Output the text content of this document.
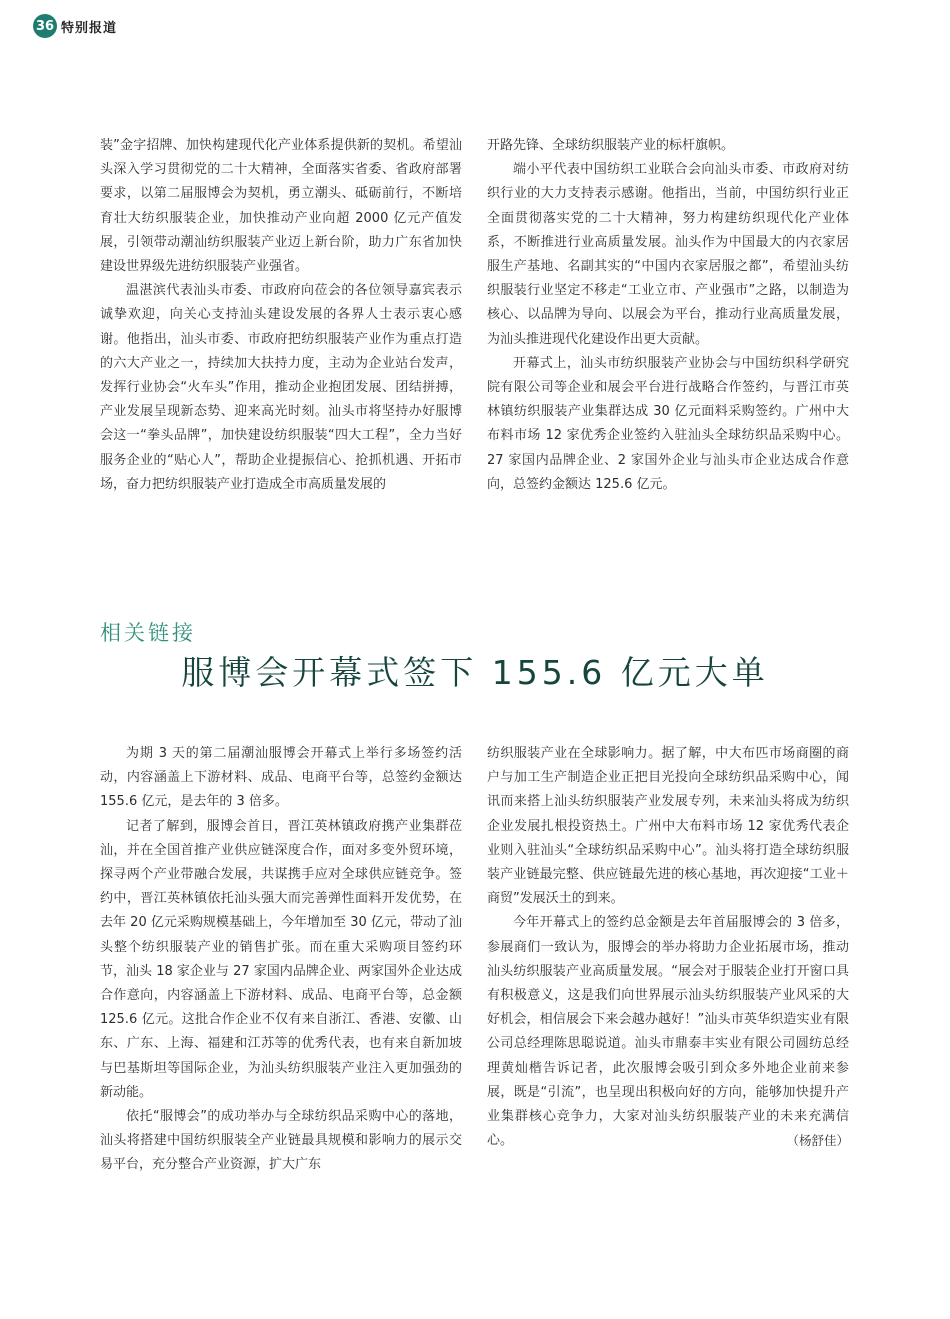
36 特别报道

装”金字招牌、加快构建现代化产业体系提供新的契机。希望汕头深入学习贯彻党的二十大精神，全面落实省委、省政府部署要求，以第二届服博会为契机，勇立潮头、砥砺前行，不断培育壮大纺织服装企业，加快推动产业向超 2000 亿元产值发展，引领带动潮汕纺织服装产业迈上新台阶，助力广东省加快建设世界级先进纺织服装产业强省。

温湛滨代表汕头市委、市政府向莅会的各位领导嘉宾表示诚挚欢迎，向关心支持汕头建设发展的各界人士表示衷心感谢。他指出，汕头市委、市政府把纺织服装产业作为重点打造的六大产业之一，持续加大扶持力度，主动为企业站台发声，发挥行业协会“火车头”作用，推动企业抱团发展、团结拼搏，产业发展呈现新态势、迎来高光时刻。汕头市将坚持办好服博会这一“拳头品牌”，加快建设纺织服装“四大工程”，全力当好服务企业的“贴心人”，帮助企业提振信心、抢抓机遇、开拓市场，奋力把纺织服装产业打造成全市高质量发展的

开路先锋、全球纺织服装产业的标杆旗帜。

端小平代表中国纺织工业联合会向汕头市委、市政府对纺织行业的大力支持表示感谢。他指出，当前，中国纺织行业正全面贯彻落实党的二十大精神，努力构建纺织现代化产业体系，不断推进行业高质量发展。汕头作为中国最大的内衣家居服生产基地、名副其实的“中国内衣家居服之都”，希望汕头纺织服装行业坚定不移走“工业立市、产业强市”之路，以制造为核心、以品牌为导向、以展会为平台，推动行业高质量发展，为汕头推进现代化建设作出更大贡献。

开幕式上，汕头市纺织服装产业协会与中国纺织科学研究院有限公司等企业和展会平台进行战略合作签约，与晋江市英林镇纺织服装产业集群达成 30 亿元面料采购签约。广州中大布料市场 12 家优秀企业签约入驻汕头全球纺织品采购中心。27 家国内品牌企业、2 家国外企业与汕头市企业达成合作意向，总签约金额达 125.6 亿元。

相关链接
服博会开幕式签下 155.6 亿元大单

为期 3 天的第二届潮汕服博会开幕式上举行多场签约活动，内容涵盖上下游材料、成品、电商平台等，总签约金额达 155.6 亿元，是去年的 3 倍多。

记者了解到，服博会首日，晋江英林镇政府携产业集群莅汕，并在全国首推产业供应链深度合作，面对多变外贸环境，探寻两个产业带融合发展，共谋携手应对全球供应链竞争。签约中，晋江英林镇依托汕头强大而完善弹性面料开发优势，在去年 20 亿元采购规模基础上，今年增加至 30 亿元，带动了汕头整个纺织服装产业的销售扩张。而在重大采购项目签约环节，汕头 18 家企业与 27 家国内品牌企业、两家国外企业达成合作意向，内容涵盖上下游材料、成品、电商平台等，总金额 125.6 亿元。这批合作企业不仅有来自浙江、香港、安徽、山东、广东、上海、福建和江苏等的优秀代表，也有来自新加坡与巴基斯坦等国际企业，为汕头纺织服装产业注入更加强劲的新动能。

依托“服博会”的成功举办与全球纺织品采购中心的落地，汕头将搭建中国纺织服装全产业链最具规模和影响力的展示交易平台，充分整合产业资源，扩大广东

纺织服装产业在全球影响力。据了解，中大布匹市场商圈的商户与加工生产制造企业正把目光投向全球纺织品采购中心，闻讯而来搭上汕头纺织服装产业发展专列，未来汕头将成为纺织企业发展扎根投资热土。广州中大布料市场 12 家优秀代表企业则入驻汕头“全球纺织品采购中心”。汕头将打造全球纺织服装产业链最完整、供应链最先进的核心基地，再次迎接“工业＋商贸”发展沃土的到来。

今年开幕式上的签约总金额是去年首届服博会的 3 倍多，参展商们一致认为，服博会的举办将助力企业拓展市场，推动汕头纺织服装产业高质量发展。“展会对于服装企业打开窗口具有积极意义，这是我们向世界展示汕头纺织服装产业风采的大好机会，相信展会下来会越办越好！”汕头市英华织造实业有限公司总经理陈思聪说道。汕头市鼎泰丰实业有限公司圆纺总经理黄灿楷告诉记者，此次服博会吸引到众多外地企业前来参展，既是“引流”，也呈现出积极向好的方向，能够加快提升产业集群核心竞争力，大家对汕头纺织服装产业的未来充满信心。	（杨舒佳）
